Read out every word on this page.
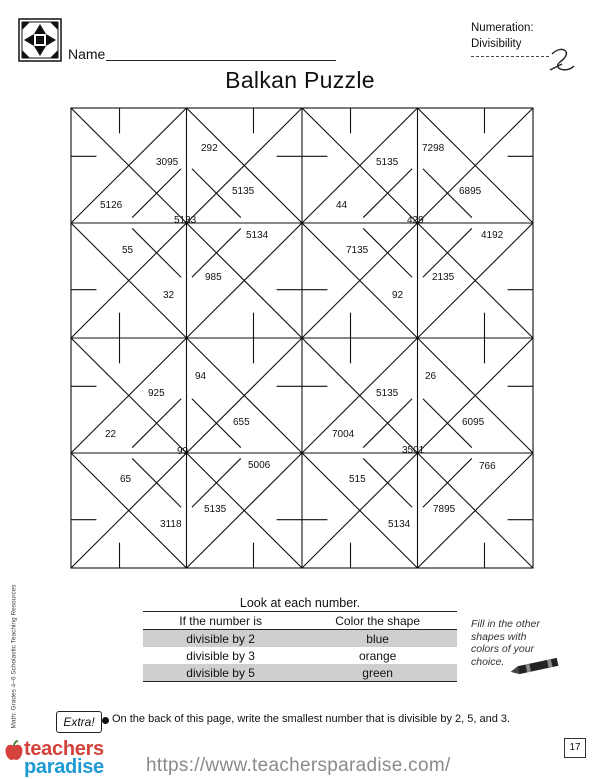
Name
Numeration:
Divisibility
Balkan Puzzle
292
3095
5126
5133
5135
55
5134
985
32
5135
7298
6895
44
429
7135
4192
2135
92
94
925
655
22
99
65
5006
5135
3118
5135
26
7004
6095
3501
515
766
7895
5134
Look at each number.
If the number is	Color the shape
divisible by 2	blue
divisible by 3	orange
divisible by 5	green
Fill in the other shapes with colors of your choice.
Extra!	On the back of this page, write the smallest number that is divisible by 2, 5, and 3.
Math: Grades 4–6 Scholastic Teaching Resources
teachers
paradise https://www.teachersparadise.com/
17
